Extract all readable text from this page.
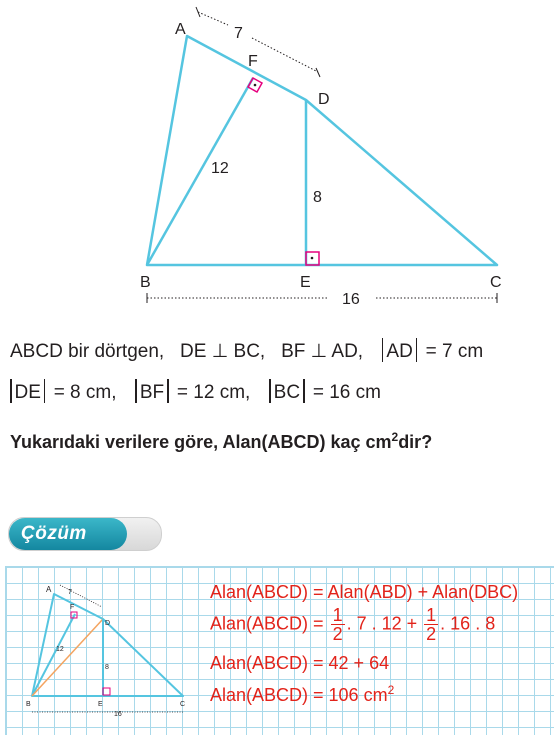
A
F
D
B	E	C
7
12
8
16
ABCD bir dörtgen, DE ⊥ BC, BF ⊥ AD, AD = 7 cm
DE = 8 cm, BF = 12 cm, BC = 16 cm
Yukarıdaki verilere göre, Alan(ABCD) kaç $cm^2dir$?
Çözüm
A
F
D
B	E	C
7
12
8
16
Alan(ABCD) = Alan(ABD) + Alan(DBC)
Alan(ABCD) = $\frac{1}{2}$ . 7 . $12 + \frac{1}{2}$ . 16 . 8
Alan(ABCD) = 42 + 64
Alan(ABCD) = 106 $cm^2$
